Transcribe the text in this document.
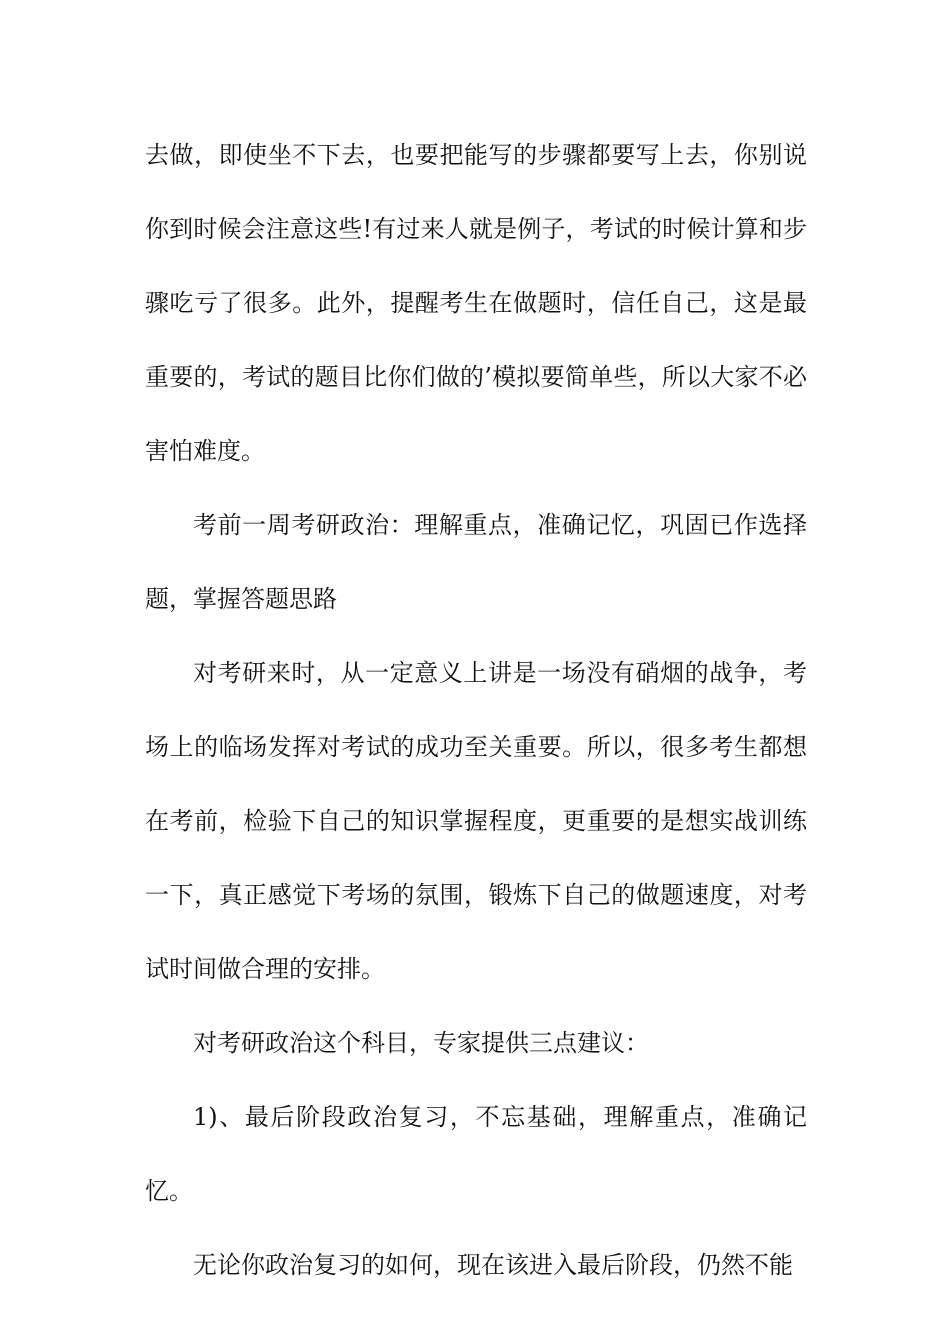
去做，即使坐不下去，也要把能写的步骤都要写上去，你别说你到时候会注意这些!有过来人就是例子，考试的时候计算和步骤吃亏了很多。此外，提醒考生在做题时，信任自己，这是最重要的，考试的题目比你们做的’模拟要简单些，所以大家不必害怕难度。

考前一周考研政治：理解重点，准确记忆，巩固已作选择题，掌握答题思路

对考研来时，从一定意义上讲是一场没有硝烟的战争，考场上的临场发挥对考试的成功至关重要。所以，很多考生都想在考前，检验下自己的知识掌握程度，更重要的是想实战训练一下，真正感觉下考场的氛围，锻炼下自己的做题速度，对考试时间做合理的安排。

对考研政治这个科目，专家提供三点建议：

1)、最后阶段政治复习，不忘基础，理解重点，准确记忆。

无论你政治复习的如何，现在该进入最后阶段，仍然不能
